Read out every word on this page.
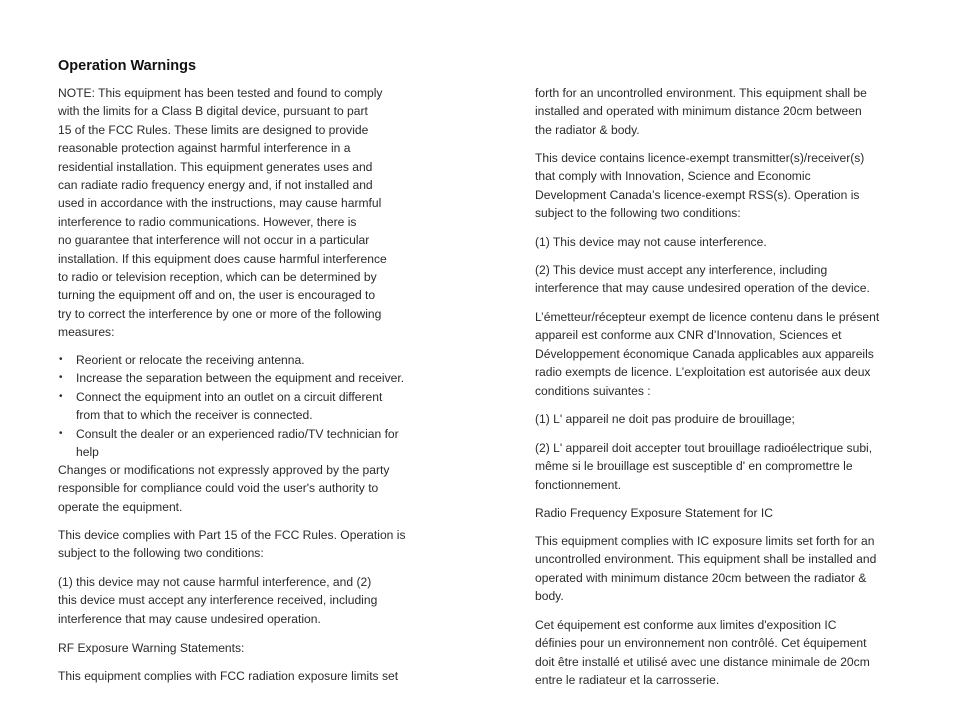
Operation Warnings

NOTE: This equipment has been tested and found to comply
with the limits for a Class B digital device, pursuant to part
15 of the FCC Rules. These limits are designed to provide
reasonable protection against harmful interference in a
residential installation. This equipment generates uses and
can radiate radio frequency energy and, if not installed and
used in accordance with the instructions, may cause harmful
interference to radio communications. However, there is
no guarantee that interference will not occur in a particular
installation. If this equipment does cause harmful interference
to radio or television reception, which can be determined by
turning the equipment off and on, the user is encouraged to
try to correct the interference by one or more of the following
measures:

• Reorient or relocate the receiving antenna.
• Increase the separation between the equipment and receiver.
• Connect the equipment into an outlet on a circuit different
from that to which the receiver is connected.
• Consult the dealer or an experienced radio/TV technician for
help

Changes or modifications not expressly approved by the party
responsible for compliance could void the user's authority to
operate the equipment.

This device complies with Part 15 of the FCC Rules. Operation is
subject to the following two conditions:

(1) this device may not cause harmful interference, and (2)
this device must accept any interference received, including
interference that may cause undesired operation.

RF Exposure Warning Statements:

This equipment complies with FCC radiation exposure limits set

forth for an uncontrolled environment. This equipment shall be
installed and operated with minimum distance 20cm between
the radiator & body.

This device contains licence-exempt transmitter(s)/receiver(s)
that comply with Innovation, Science and Economic
Development Canada’s licence-exempt RSS(s). Operation is
subject to the following two conditions:

(1) This device may not cause interference.

(2) This device must accept any interference, including
interference that may cause undesired operation of the device.

L’émetteur/récepteur exempt de licence contenu dans le présent
appareil est conforme aux CNR d’Innovation, Sciences et
Développement économique Canada applicables aux appareils
radio exempts de licence. L’exploitation est autorisée aux deux
conditions suivantes :

(1) L' appareil ne doit pas produire de brouillage;

(2) L' appareil doit accepter tout brouillage radioélectrique subi,
même si le brouillage est susceptible d' en compromettre le
fonctionnement.

Radio Frequency Exposure Statement for IC

This equipment complies with IC exposure limits set forth for an
uncontrolled environment. This equipment shall be installed and
operated with minimum distance 20cm between the radiator &
body.

Cet équipement est conforme aux limites d'exposition IC
définies pour un environnement non contrôlé. Cet équipement
doit être installé et utilisé avec une distance minimale de 20cm
entre le radiateur et la carrosserie.
